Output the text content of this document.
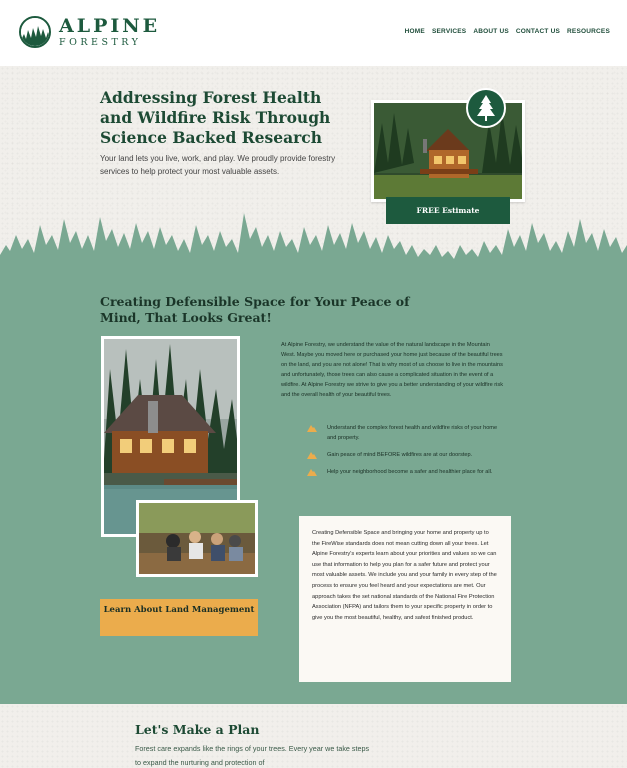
ALPINE
FORESTRY
HOME SERVICES ABOUT US CONTACT US RESOURCES
Addressing Forest Health and Wildfire Risk Through Science Backed Research

Your land lets you live, work, and play. We proudly provide forestry services to help protect your most valuable assets.

FREE Estimate
Creating Defensible Space for Your Peace of Mind, That Looks Great!

At Alpine Forestry, we understand the value of the natural landscape in the Mountain West. Maybe you moved here or purchased your home just because of the beautiful trees on the land, and you are not alone! That is why most of us choose to live in the mountains and unfortunately, those trees can also cause a complicated situation in the event of a wildfire. At Alpine Forestry we strive to give you a better understanding of your wildfire risk and the overall health of your beautiful trees.

Understand the complex forest health and wildfire risks of your home and property.
Gain peace of mind BEFORE wildfires are at our doorstep.
Help your neighborhood become a safer and healthier place for all.
Learn About Land Management

Creating Defensible Space and bringing your home and property up to the FireWise standards does not mean cutting down all your trees. Let Alpine Forestry's experts learn about your priorities and values so we can use that information to help you plan for a safer future and protect your most valuable assets. We include you and your family in every step of the process to ensure you feel heard and your expectations are met. Our approach takes the set national standards of the National Fire Protection Association (NFPA) and tailors them to your specific property in order to give you the most beautiful, healthy, and safest finished product.

Let's Make a Plan

Forest care expands like the rings of your trees. Every year we take steps to expand the nurturing and protection of
